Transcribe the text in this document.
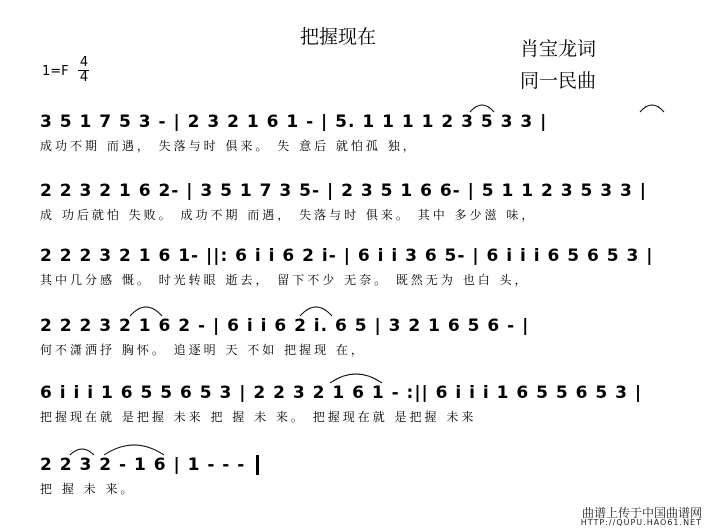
把握现在
肖宝龙词
同一民曲
1=F
4
4
3 5 1 7 5 3 - | 2 3 2 1 6 1 - | 5. 1 1 1 1 2 3 5 3 3 |
成功不期 而遇， 失落与时 俱来。 失 意后 就怕孤 独，
2 2 3 2 1 6 2- | 3 5 1 7 3 5- | 2 3 5 1 6 6- | 5 1 1 2 3 5 3 3 |
成 功后就怕 失败。 成功不期 而遇， 失落与时 俱来。 其中 多少滋 味，
2 2 2 3 2 1 6 1- ||: 6 i i 6 2 i- | 6 i i 3 6 5- | 6 i i i 6 5 6 5 3 |
其中几分感 慨。 时光转眼 逝去， 留下不少 无奈。 既然无为 也白 头，
2 2 2 3 2 1 6 2 - | 6 i i 6 2 i. 6 5 | 3 2 1 6 5 6 - |
何不潇洒抒 胸怀。 追逐明 天 不如 把握现 在，
6 i i i 1 6 5 5 6 5 3 | 2 2 3 2 1 6 1 - :|| 6 i i i 1 6 5 5 6 5 3 |
把握现在就 是把握 未来 把 握 未 来。 把握现在就 是把握 未来
2 2 3 2 - 1 6 | 1 - - -
把 握 未 来。
曲谱上传于中国曲谱网
HTTP://QUPU.HAO61.NET
